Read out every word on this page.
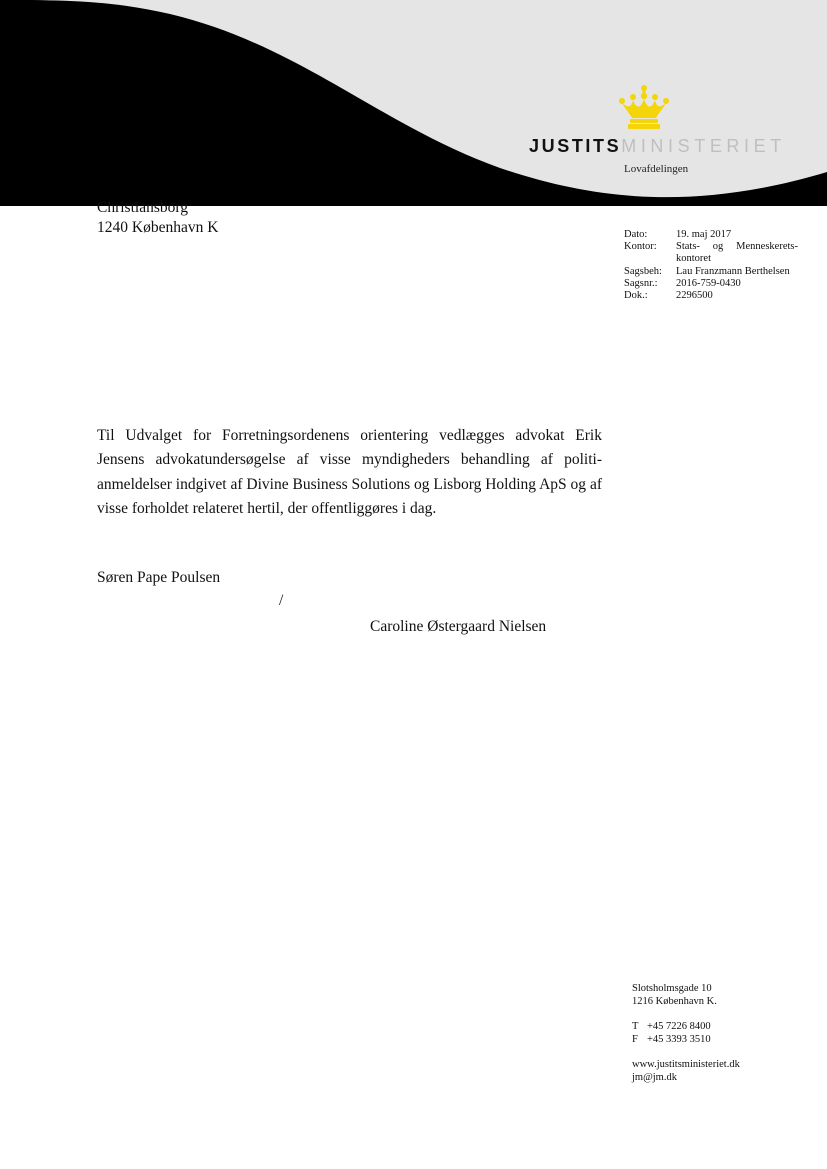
JUSTITSMINISTERIET
Lovafdelingen
Christiansborg
1240 København K	Dato:	19. maj 2017
Kontor:	Stats- og Menneskerets-kontoret
Sagsbeh:	Lau Franzmann Berthelsen
Sagsnr.:	2016-759-0430
Dok.:	2296500

Til Udvalget for Forretningsordenens orientering vedlægges advokat Erik Jensens advokatundersøgelse af visse myndigheders behandling af politi-anmeldelser indgivet af Divine Business Solutions og Lisborg Holding ApS og af visse forholdet relateret hertil, der offentliggøres i dag.

Søren Pape Poulsen
/
Caroline Østergaard Nielsen
Slotsholmsgade 10
1216 København K.
T +45 7226 8400
F +45 3393 3510
www.justitsministeriet.dk
jm@jm.dk
